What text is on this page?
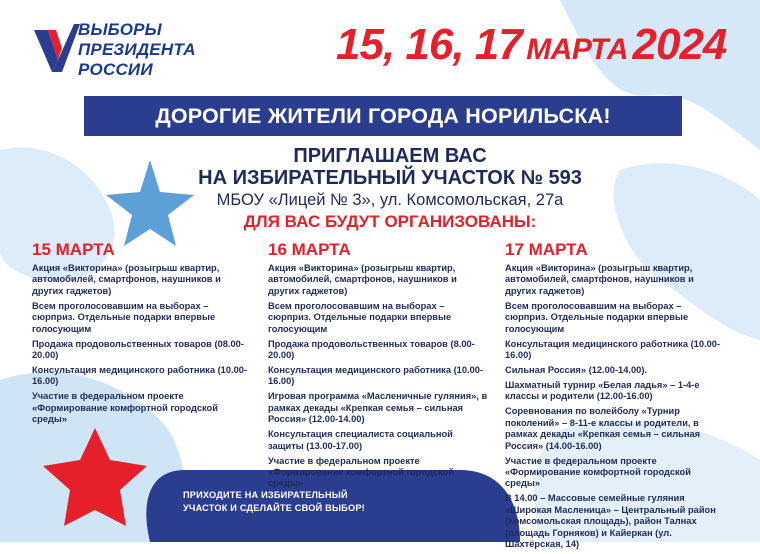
ВЫБОРЫ
ПРЕЗИДЕНТА
РОССИИ
15, 16, 17 МАРТА 2024
ДОРОГИЕ ЖИТЕЛИ ГОРОДА НОРИЛЬСКА!
ПРИГЛАШАЕМ ВАС
НА ИЗБИРАТЕЛЬНЫЙ УЧАСТОК № 593
МБОУ «Лицей № 3», ул. Комсомольская, 27а
ДЛЯ ВАС БУДУТ ОРГАНИЗОВАНЫ:
15 МАРТА
Акция «Викторина» (розыгрыш квартир, автомобилей, смартфонов, наушников и других гаджетов)
Всем проголосовавшим на выборах – сюрприз. Отдельные подарки впервые голосующим
Продажа продовольственных товаров (08.00-20.00)
Консультация медицинского работника (10.00-16.00)
Участие в федеральном проекте «Формирование комфортной городской среды»
16 МАРТА
Акция «Викторина» (розыгрыш квартир, автомобилей, смартфонов, наушников и других гаджетов)
Всем проголосовавшим на выборах – сюрприз. Отдельные подарки впервые голосующим
Продажа продовольственных товаров (8.00-20.00)
Консультация медицинского работника (10.00-16.00)
Игровая программа «Масленичные гуляния», в рамках декады «Крепкая семья – сильная Россия» (12.00-14.00)
Консультация специалиста социальной защиты (13.00-17.00)
Участие в федеральном проекте «Формирование комфортной городской среды»
17 МАРТА
Акция «Викторина» (розыгрыш квартир, автомобилей, смартфонов, наушников и других гаджетов)
Всем проголосовавшим на выборах – сюрприз. Отдельные подарки впервые голосующим
Консультация медицинского работника (10.00-16.00)
Сильная Россия» (12.00-14.00).
Шахматный турнир «Белая ладья» – 1-4-е классы и родители (12.00-16.00)
Соревнования по волейболу «Турнир поколений» – 8-11-е классы и родители, в рамках декады «Крепкая семья – сильная Россия» (14.00-16.00)
Участие в федеральном проекте «Формирование комфортной городской среды»
В 14.00 – Массовые семейные гуляния «Широкая Масленица» – Центральный район (Комсомольская площадь), район Талнах (площадь Горняков) и Кайеркан (ул. Шахтёрская, 14)
ПРИХОДИТЕ НА ИЗБИРАТЕЛЬНЫЙ
УЧАСТОК И СДЕЛАЙТЕ СВОЙ ВЫБОР!
